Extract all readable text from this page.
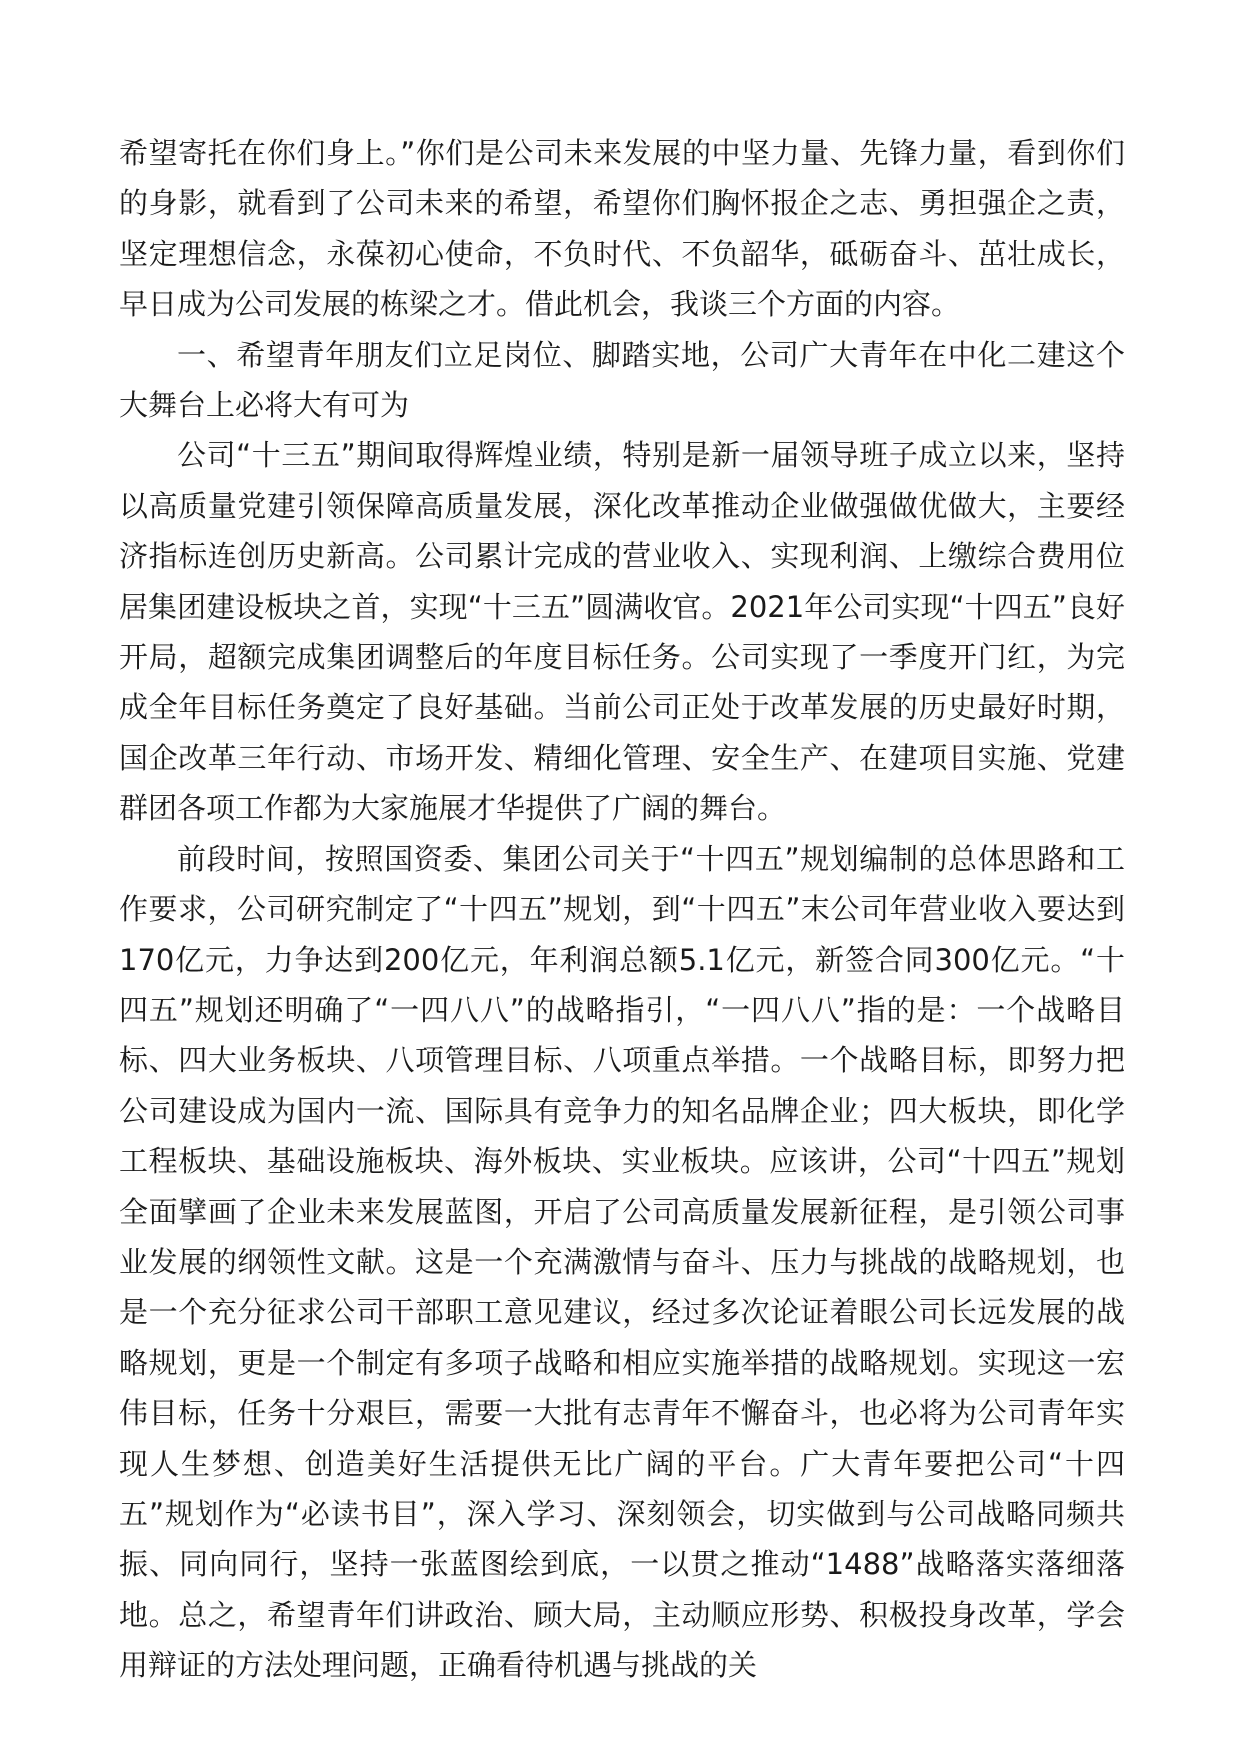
希望寄托在你们身上。”你们是公司未来发展的中坚力量、先锋力量，看到你们的身影，就看到了公司未来的希望，希望你们胸怀报企之志、勇担强企之责，坚定理想信念，永葆初心使命，不负时代、不负韶华，砥砺奋斗、茁壮成长，早日成为公司发展的栋梁之才。借此机会，我谈三个方面的内容。

一、希望青年朋友们立足岗位、脚踏实地，公司广大青年在中化二建这个大舞台上必将大有可为

公司“十三五”期间取得辉煌业绩，特别是新一届领导班子成立以来，坚持以高质量党建引领保障高质量发展，深化改革推动企业做强做优做大，主要经济指标连创历史新高。公司累计完成的营业收入、实现利润、上缴综合费用位居集团建设板块之首，实现“十三五”圆满收官。2021年公司实现“十四五”良好开局，超额完成集团调整后的年度目标任务。公司实现了一季度开门红，为完成全年目标任务奠定了良好基础。当前公司正处于改革发展的历史最好时期，国企改革三年行动、市场开发、精细化管理、安全生产、在建项目实施、党建群团各项工作都为大家施展才华提供了广阔的舞台。

前段时间，按照国资委、集团公司关于“十四五”规划编制的总体思路和工作要求，公司研究制定了“十四五”规划，到“十四五”末公司年营业收入要达到170亿元，力争达到200亿元，年利润总额5.1亿元，新签合同300亿元。“十四五”规划还明确了“一四八八”的战略指引，“一四八八”指的是：一个战略目标、四大业务板块、八项管理目标、八项重点举措。一个战略目标，即努力把公司建设成为国内一流、国际具有竞争力的知名品牌企业；四大板块，即化学工程板块、基础设施板块、海外板块、实业板块。应该讲，公司“十四五”规划全面擘画了企业未来发展蓝图，开启了公司高质量发展新征程，是引领公司事业发展的纲领性文献。这是一个充满激情与奋斗、压力与挑战的战略规划，也是一个充分征求公司干部职工意见建议，经过多次论证着眼公司长远发展的战略规划，更是一个制定有多项子战略和相应实施举措的战略规划。实现这一宏伟目标，任务十分艰巨，需要一大批有志青年不懈奋斗，也必将为公司青年实现人生梦想、创造美好生活提供无比广阔的平台。广大青年要把公司“十四五”规划作为“必读书目”，深入学习、深刻领会，切实做到与公司战略同频共振、同向同行，坚持一张蓝图绘到底，一以贯之推动“1488”战略落实落细落地。总之，希望青年们讲政治、顾大局，主动顺应形势、积极投身改革，学会用辩证的方法处理问题，正确看待机遇与挑战的关
